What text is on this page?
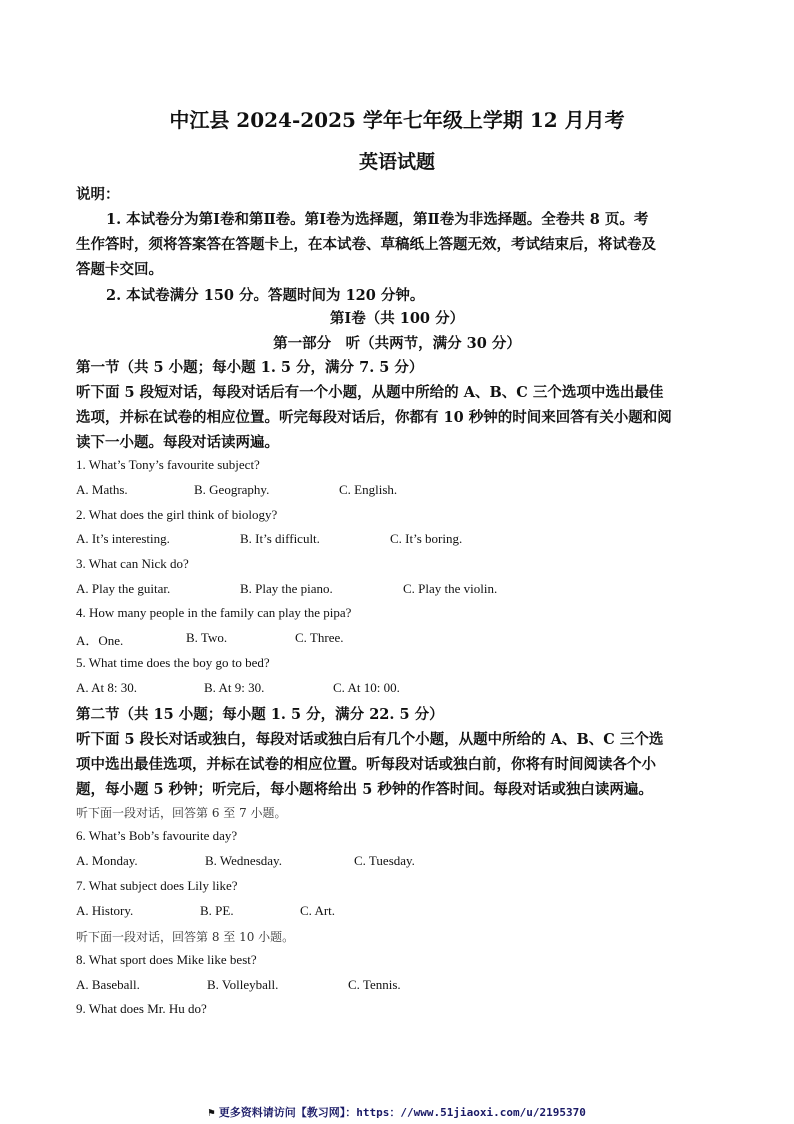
中江县 2024-2025 学年七年级上学期 12 月月考
英语试题
说明：
1. 本试卷分为第Ⅰ卷和第Ⅱ卷。第Ⅰ卷为选择题，第Ⅱ卷为非选择题。全卷共 8 页。考
生作答时，须将答案答在答题卡上，在本试卷、草稿纸上答题无效，考试结束后，将试卷及
答题卡交回。
2. 本试卷满分 150 分。答题时间为 120 分钟。
第Ⅰ卷（共 100 分）
第一部分　听（共两节，满分 30 分）
第一节（共 5 小题；每小题 1. 5 分，满分 7. 5 分）
听下面 5 段短对话，每段对话后有一个小题，从题中所给的 A、B、C 三个选项中选出最佳
选项，并标在试卷的相应位置。听完每段对话后，你都有 10 秒钟的时间来回答有关小题和阅
读下一小题。每段对话读两遍。
1. What’s Tony’s favourite subject?
A. Maths.	B. Geography.	C. English.
2. What does the girl think of biology?
A. It’s interesting.	B. It’s difficult.	C. It’s boring.
3. What can Nick do?
A. Play the guitar.	B. Play the piano.	C. Play the violin.
4. How many people in the family can play the pipa?
A．One.	B. Two.	C. Three.
5. What time does the boy go to bed?
A. At 8: 30.	B. At 9: 30.	C. At 10: 00.
第二节（共 15 小题；每小题 1. 5 分，满分 22. 5 分）
听下面 5 段长对话或独白，每段对话或独白后有几个小题，从题中所给的 A、B、C 三个选
项中选出最佳选项，并标在试卷的相应位置。听每段对话或独白前，你将有时间阅读各个小
题，每小题 5 秒钟；听完后，每小题将给出 5 秒钟的作答时间。每段对话或独白读两遍。
听下面一段对话，回答第 6 至 7 小题。
6. What’s Bob’s favourite day?
A. Monday.	B. Wednesday.	C. Tuesday.
7. What subject does Lily like?
A. History.	B. PE.	C. Art.
听下面一段对话，回答第 8 至 10 小题。
8. What sport does Mike like best?
A. Baseball.	B. Volleyball.	C. Tennis.
9. What does Mr. Hu do?
⚑ 更多资料请访问【教习网】：https：//www.51jiaoxi.com/u/2195370
